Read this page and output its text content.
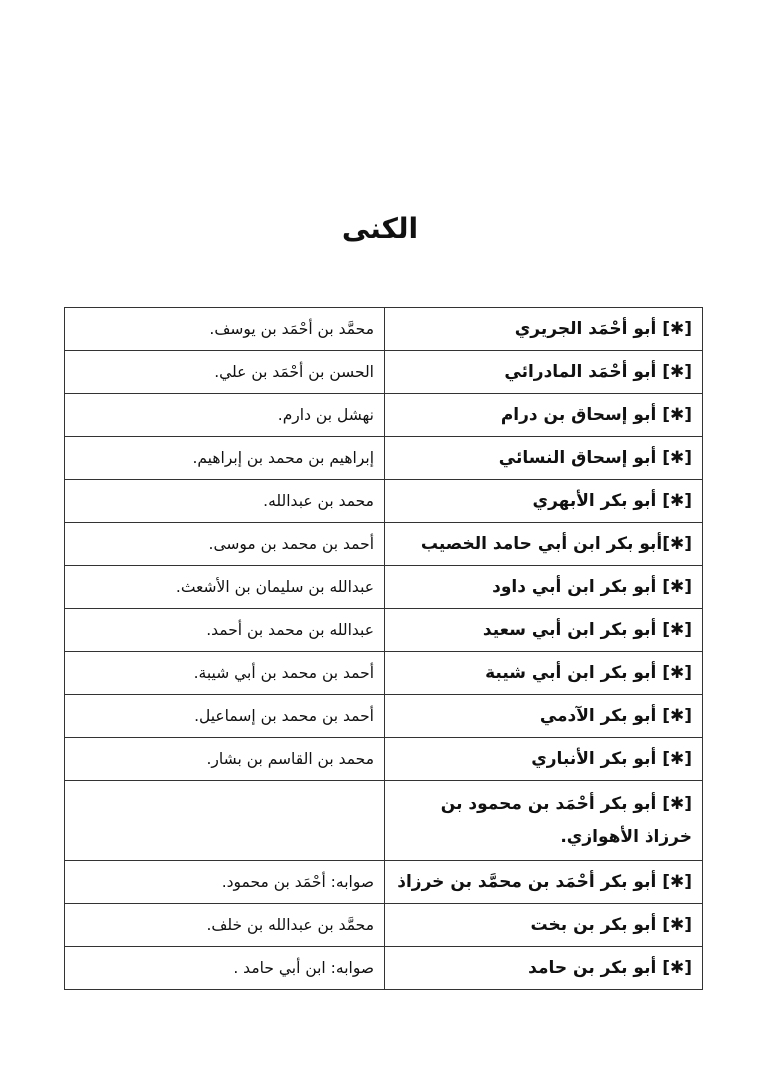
الكنى
[✱] أبو أحْمَد الجريري	محمَّد بن أحْمَد بن يوسف.
[✱] أبو أحْمَد المادرائي	الحسن بن أحْمَد بن علي.
[✱] أبو إسحاق بن درام	نهشل بن دارم.
[✱] أبو إسحاق النسائي	إبراهيم بن محمد بن إبراهيم.
[✱] أبو بكر الأبهري	محمد بن عبدالله.
[✱]أبو بكر ابن أبي حامد الخصيب	أحمد بن محمد بن موسى.
[✱] أبو بكر ابن أبي داود	عبدالله بن سليمان بن الأشعث.
[✱] أبو بكر ابن أبي سعيد	عبدالله بن محمد بن أحمد.
[✱] أبو بكر ابن أبي شيبة	أحمد بن محمد بن أبي شيبة.
[✱] أبو بكر الآدمي	أحمد بن محمد بن إسماعيل.
[✱] أبو بكر الأنباري	محمد بن القاسم بن بشار.
[✱] أبو بكر أحْمَد بن محمود بن خرزاذ الأهوازي.	
[✱] أبو بكر أحْمَد بن محمَّد بن خرزاذ	صوابه: أحْمَد بن محمود.
[✱] أبو بكر بن بخت	محمَّد بن عبدالله بن خلف.
[✱] أبو بكر بن حامد	صوابه: ابن أبي حامد .
